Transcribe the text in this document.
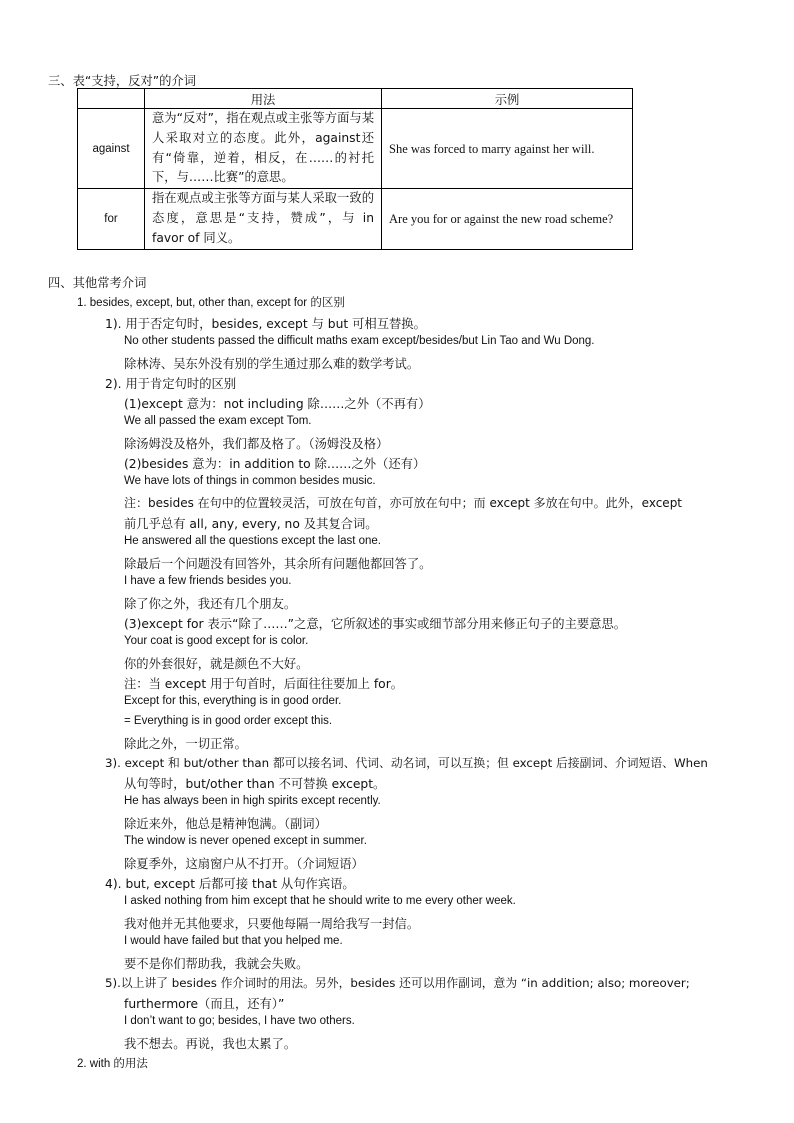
三、表“支持，反对”的介词
	用法	示例
against	意为“反对”，指在观点或主张等方面与某人采取对立的态度。此外，against还有“倚靠，逆着，相反，在……的衬托下，与……比赛”的意思。	She was forced to marry against her will.
for	指在观点或主张等方面与某人采取一致的态度，意思是“支持，赞成”，与 in favor of 同义。	Are you for or against the new road scheme?
四、其他常考介词
1. besides, except, but, other than, except for 的区别
1). 用于否定句时，besides, except 与 but 可相互替换。
No other students passed the difficult maths exam except/besides/but Lin Tao and Wu Dong.
除林涛、吴东外没有别的学生通过那么难的数学考试。
2). 用于肯定句时的区别
(1)except 意为：not including 除……之外（不再有）
We all passed the exam except Tom.
除汤姆没及格外，我们都及格了。（汤姆没及格）
(2)besides 意为：in addition to 除……之外（还有）
We have lots of things in common besides music.
注：besides 在句中的位置较灵活，可放在句首，亦可放在句中；而 except 多放在句中。此外，except
前几乎总有 all, any, every, no 及其复合词。
He answered all the questions except the last one.
除最后一个问题没有回答外，其余所有问题他都回答了。
I have a few friends besides you.
除了你之外，我还有几个朋友。
(3)except for 表示“除了……”之意，它所叙述的事实或细节部分用来修正句子的主要意思。
Your coat is good except for is color.
你的外套很好，就是颜色不大好。
注：当 except 用于句首时，后面往往要加上 for。
Except for this, everything is in good order.
= Everything is in good order except this.
除此之外，一切正常。
3). except 和 but/other than 都可以接名词、代词、动名词，可以互换；但 except 后接副词、介词短语、When
从句等时，but/other than 不可替换 except。
He has always been in high spirits except recently.
除近来外，他总是精神饱满。（副词）
The window is never opened except in summer.
除夏季外，这扇窗户从不打开。（介词短语）
4). but, except 后都可接 that 从句作宾语。
I asked nothing from him except that he should write to me every other week.
我对他并无其他要求，只要他每隔一周给我写一封信。
I would have failed but that you helped me.
要不是你们帮助我，我就会失败。
5).以上讲了 besides 作介词时的用法。另外，besides 还可以用作副词，意为 “in addition; also; moreover;
furthermore（而且，还有）”
I don’t want to go; besides, I have two others.
我不想去。再说，我也太累了。
2. with 的用法
